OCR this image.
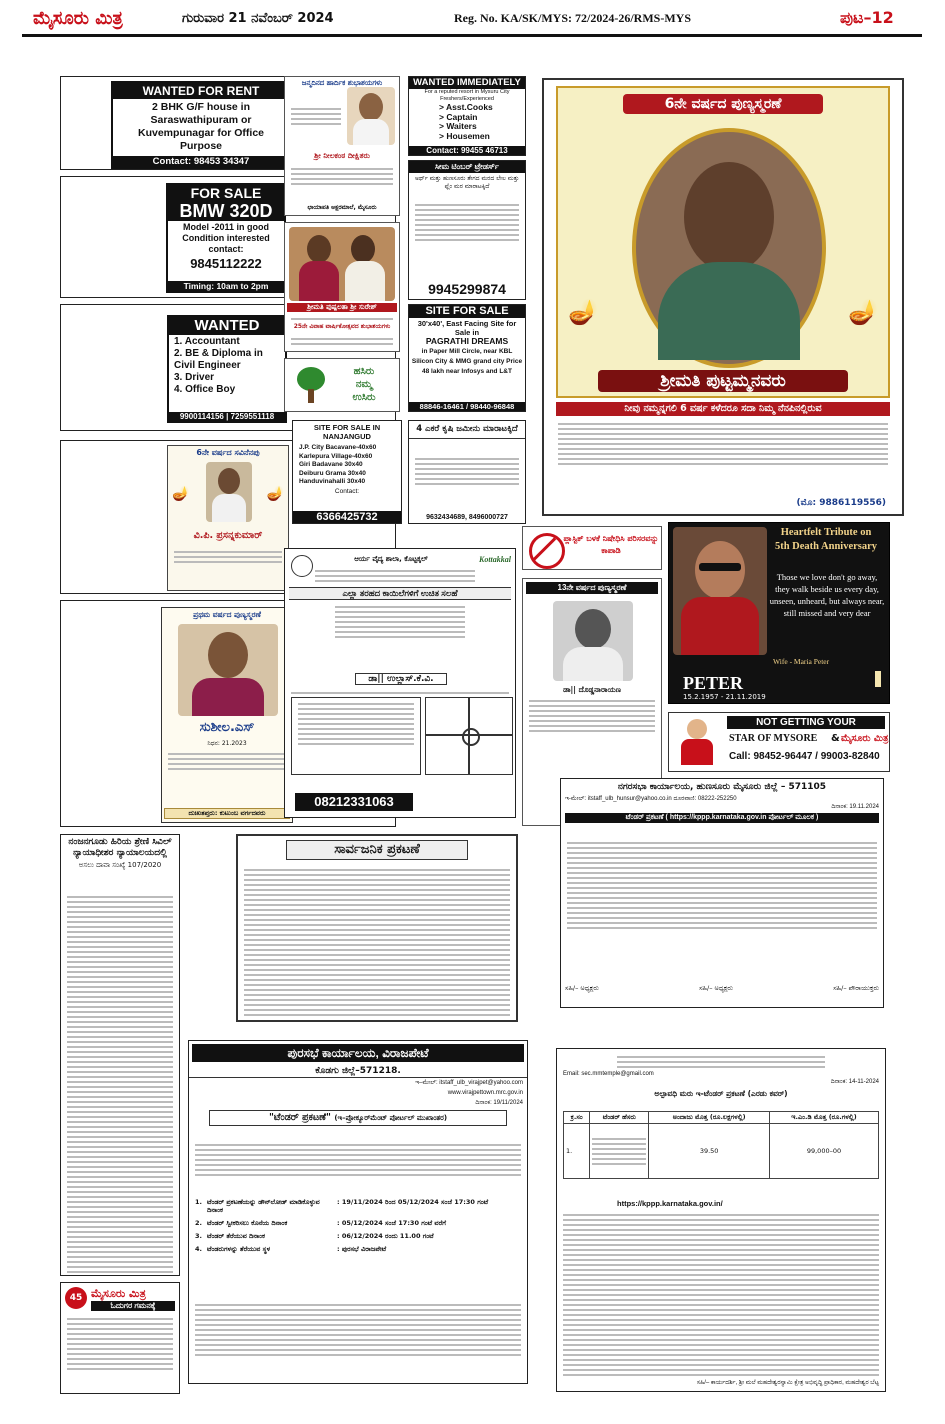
ಮೈಸೂರು ಮಿತ್ರ	ಗುರುವಾರ 21 ನವೆಂಬರ್ 2024	Reg. No. KA/SK/MYS: 72/2024-26/RMS-MYS	ಪುಟ–12
WANTED FOR RENT
2 BHK G/F house in Saraswathipuram or Kuvempunagar for Office Purpose
Contact: 98453 34347
FOR SALE
BMW 320D
Model -2011 in good Condition interested contact:
9845112222
Timing: 10am to 2pm
WANTED
1. Accountant
2. BE & Diploma in Civil Engineer
3. Driver
4. Office Boy
9900114156 | 7259551118
6ನೇ ವರ್ಷದ ಸವಿನೆನಪು
🪔	🪔
ವಿ.ಪಿ. ಪ್ರಸನ್ನಕುಮಾರ್
ಪ್ರಥಮ ವರ್ಷದ ಪುಣ್ಯಸ್ಮರಣೆ
ಸುಶೀಲ.ಎಸ್
ನಿಧನ: 21.2023
ದುಃಖತಪ್ತರು: ಕುಟುಂಬ ವರ್ಗದವರು
ನಂಜನಗೂಡು ಹಿರಿಯ ಶ್ರೇಣಿ ಸಿವಿಲ್ ನ್ಯಾಯಾಧೀಶರ ನ್ಯಾಯಾಲಯದಲ್ಲಿ
ಅಸಲು ದಾವಾ ಸಂಖ್ಯೆ 107/2020
45 ಮೈಸೂರು ಮಿತ್ರ
ಓದುಗರ ಗಮನಕ್ಕೆ
ಜನ್ಮದಿನದ ಹಾರ್ದಿಕ ಶುಭಾಶಯಗಳು
ಶ್ರೀ ನೀಲಕಂಠ ದೀಕ್ಷಿತರು
ಛಾಯಾಪತಿ ಅಕ್ಷರಮಾಲೆ, ಮೈಸೂರು
ಶ್ರೀಮತಿ ಪುಷ್ಪಲತಾ ಶ್ರೀ ಸುರೇಶ್
25ನೇ ವಿವಾಹ ವಾರ್ಷಿಕೋತ್ಸವದ ಶುಭಾಶಯಗಳು
ಹಸಿರು
ನಮ್ಮ
ಉಸಿರು
SITE FOR SALE IN NANJANGUD
J.P. City Bacavane-40x60
Karlepura Village-40x60
Giri Badavane 30x40
Deiburu Grama 30x40
Handuvinahalli 30x40
Contact:
6366425732
WANTED IMMEDIATELY
For a reputed resort in Mysuru City Freshers/Experienced
> Asst.Cooks
> Captain
> Waiters
> Housemen
Contact: 99455 46713
ಸೀಮ ಟಿಂಬರ್ ಟ್ರೇಡರ್ಸ್
ಅರ್ಥ್ ಮತ್ತು ಹುಣಸೂರು ತೇಗದ ಮರದ ಲೇಲ ಮತ್ತು ಫ್ಲೆಂ ಮರ ಮಾರಾಟಕ್ಕಿದೆ
9945299874
SITE FOR SALE
30'x40', East Facing Site for Sale in
PAGRATHI DREAMS
in Paper Mill Circle, near KBL Silicon City & MMG grand city Price 48 lakh near Infosys and L&T
88846-16461 / 98440-96848
4 ಎಕರೆ ಕೃಷಿ ಜಮೀನು ಮಾರಾಟಕ್ಕಿದೆ
9632434689, 8496000727
ಆರ್ಯ ವೈದ್ಯ ಶಾಲಾ, ಕೊಟ್ಟಕ್ಕಲ್	Kottakkal
ಎಲ್ಲಾ ತರಹದ ಕಾಯಿಲೆಗಳಿಗೆ ಉಚಿತ ಸಲಹೆ
ಡಾ|| ಉಲ್ಲಾಸ್.ಕೆ.ವಿ.
08212331063
ಪ್ಲಾಸ್ಟಿಕ್ ಬಳಕೆ ನಿಷೇಧಿಸಿ ಪರಿಸರವನ್ನು ಕಾಪಾಡಿ
13ನೇ ವರ್ಷದ ಪುಣ್ಯಸ್ಮರಣೆ
ಡಾ|| ದೊಡ್ಡನಾರಾಯಣ
6ನೇ ವರ್ಷದ ಪುಣ್ಯಸ್ಮರಣೆ
🪔	🪔
ಶ್ರೀಮತಿ ಪುಟ್ಟಮ್ಮನವರು
ನೀವು ನಮ್ಮನ್ನಗಲಿ 6 ವರ್ಷ ಕಳೆದರೂ ಸದಾ ನಿಮ್ಮ ನೆನಪಿನಲ್ಲಿರುವ
(ಮೊ: 9886119556)
Heartfelt Tribute on
5th Death Anniversary
Those we love don't go away, they walk beside us every day, unseen, unheard, but always near, still missed and very dear
Wife - Maria Peter
PETER
15.2.1957 - 21.11.2019
NOT GETTING YOUR
STAR OF MYSORE & ಮೈಸೂರು ಮಿತ್ರ
Call: 98452-96447 / 99003-82840
ನಗರಸಭಾ ಕಾರ್ಯಾಲಯ, ಹುಣಸೂರು ಮೈಸೂರು ಜಿಲ್ಲೆ – 571105
ಇ-ಮೇಲ್: itstaff_ulb_hunsur@yahoo.co.in ದೂರವಾಣಿ: 08222-252250
ದಿನಾಂಕ: 19.11.2024
ಟೆಂಡರ್ ಪ್ರಕಟಣೆ ( https://kppp.karnataka.gov.in ಪೋರ್ಟಲ್ ಮೂಲಕ )
ಸಹಿ/– ಅಧ್ಯಕ್ಷರು	ಸಹಿ/– ಅಧ್ಯಕ್ಷರು	ಸಹಿ/– ಪೌರಾಯುಕ್ತರು
ಸಾರ್ವಜನಿಕ ಪ್ರಕಟಣೆ
ಪುರಸಭೆ ಕಾರ್ಯಾಲಯ, ವಿರಾಜಪೇಟೆ
ಕೊಡಗು ಜಿಲ್ಲೆ–571218.
ಇ–ಮೇಲ್: itstaff_ulb_virajpet@yahoo.com
www.virajpettown.mrc.gov.in
ದಿನಾಂಕ: 19/11/2024
"ಟೆಂಡರ್ ಪ್ರಕಟಣೆ" (ಇ–ಪ್ರೋಕ್ಯೂರ್‌ಮೆಂಟ್ ಪೋರ್ಟಲ್ ಮುಖಾಂತರ)
1. ಟೆಂಡರ್ ಪ್ರಕಟಣೆಯನ್ನು ಡೌನ್‌ಲೋಡ್ ಮಾಡಿಕೊಳ್ಳುವ ದಿನಾಂಕ
: 19/11/2024 ರಿಂದ 05/12/2024 ಸಂಜೆ 17:30 ಗಂಟೆ
2. ಟೆಂಡರ್ ಸ್ವೀಕರಿಸಲು ಕೊನೆಯ ದಿನಾಂಕ	: 05/12/2024 ಸಂಜೆ 17:30 ಗಂಟೆ ವರೆಗೆ
3. ಟೆಂಡರ್ ತೆರೆಯುವ ದಿನಾಂಕ	: 06/12/2024 ರಂದು 11.00 ಗಂಟೆ
4. ಟೆಂಡರುಗಳನ್ನು ತೆರೆಯುವ ಸ್ಥಳ	: ಪುರಸಭೆ ವಿರಾಜಪೇಟೆ
Email: sec.mmtemple@gmail.com
ದಿನಾಂಕ: 14-11-2024
ಅಲ್ಪಾವಧಿ ಮರು ಇ-ಟೆಂಡರ್ ಪ್ರಕಟಣೆ (ಎರಡು ಕವರ್)
ಕ್ರ.ಸಂ	ಟೆಂಡರ್ ಹೆಸರು	ಅಂದಾಜು ಮೊತ್ತ (ರೂ.ಲಕ್ಷಗಳಲ್ಲಿ)	ಇ.ಎಂ.ಡಿ ಮೊತ್ತ (ರೂ.ಗಳಲ್ಲಿ)
1.		39.50	99,000–00
https://kppp.karnataka.gov.in/
ಸಹಿ/– ಕಾರ್ಯದರ್ಶಿ, ಶ್ರೀ ಮಲೆ ಮಹದೇಶ್ವರಸ್ವಾಮಿ ಕ್ಷೇತ್ರ ಅಭಿವೃದ್ಧಿ ಪ್ರಾಧಿಕಾರ, ಮಹದೇಶ್ವರ ಬೆಟ್ಟ
